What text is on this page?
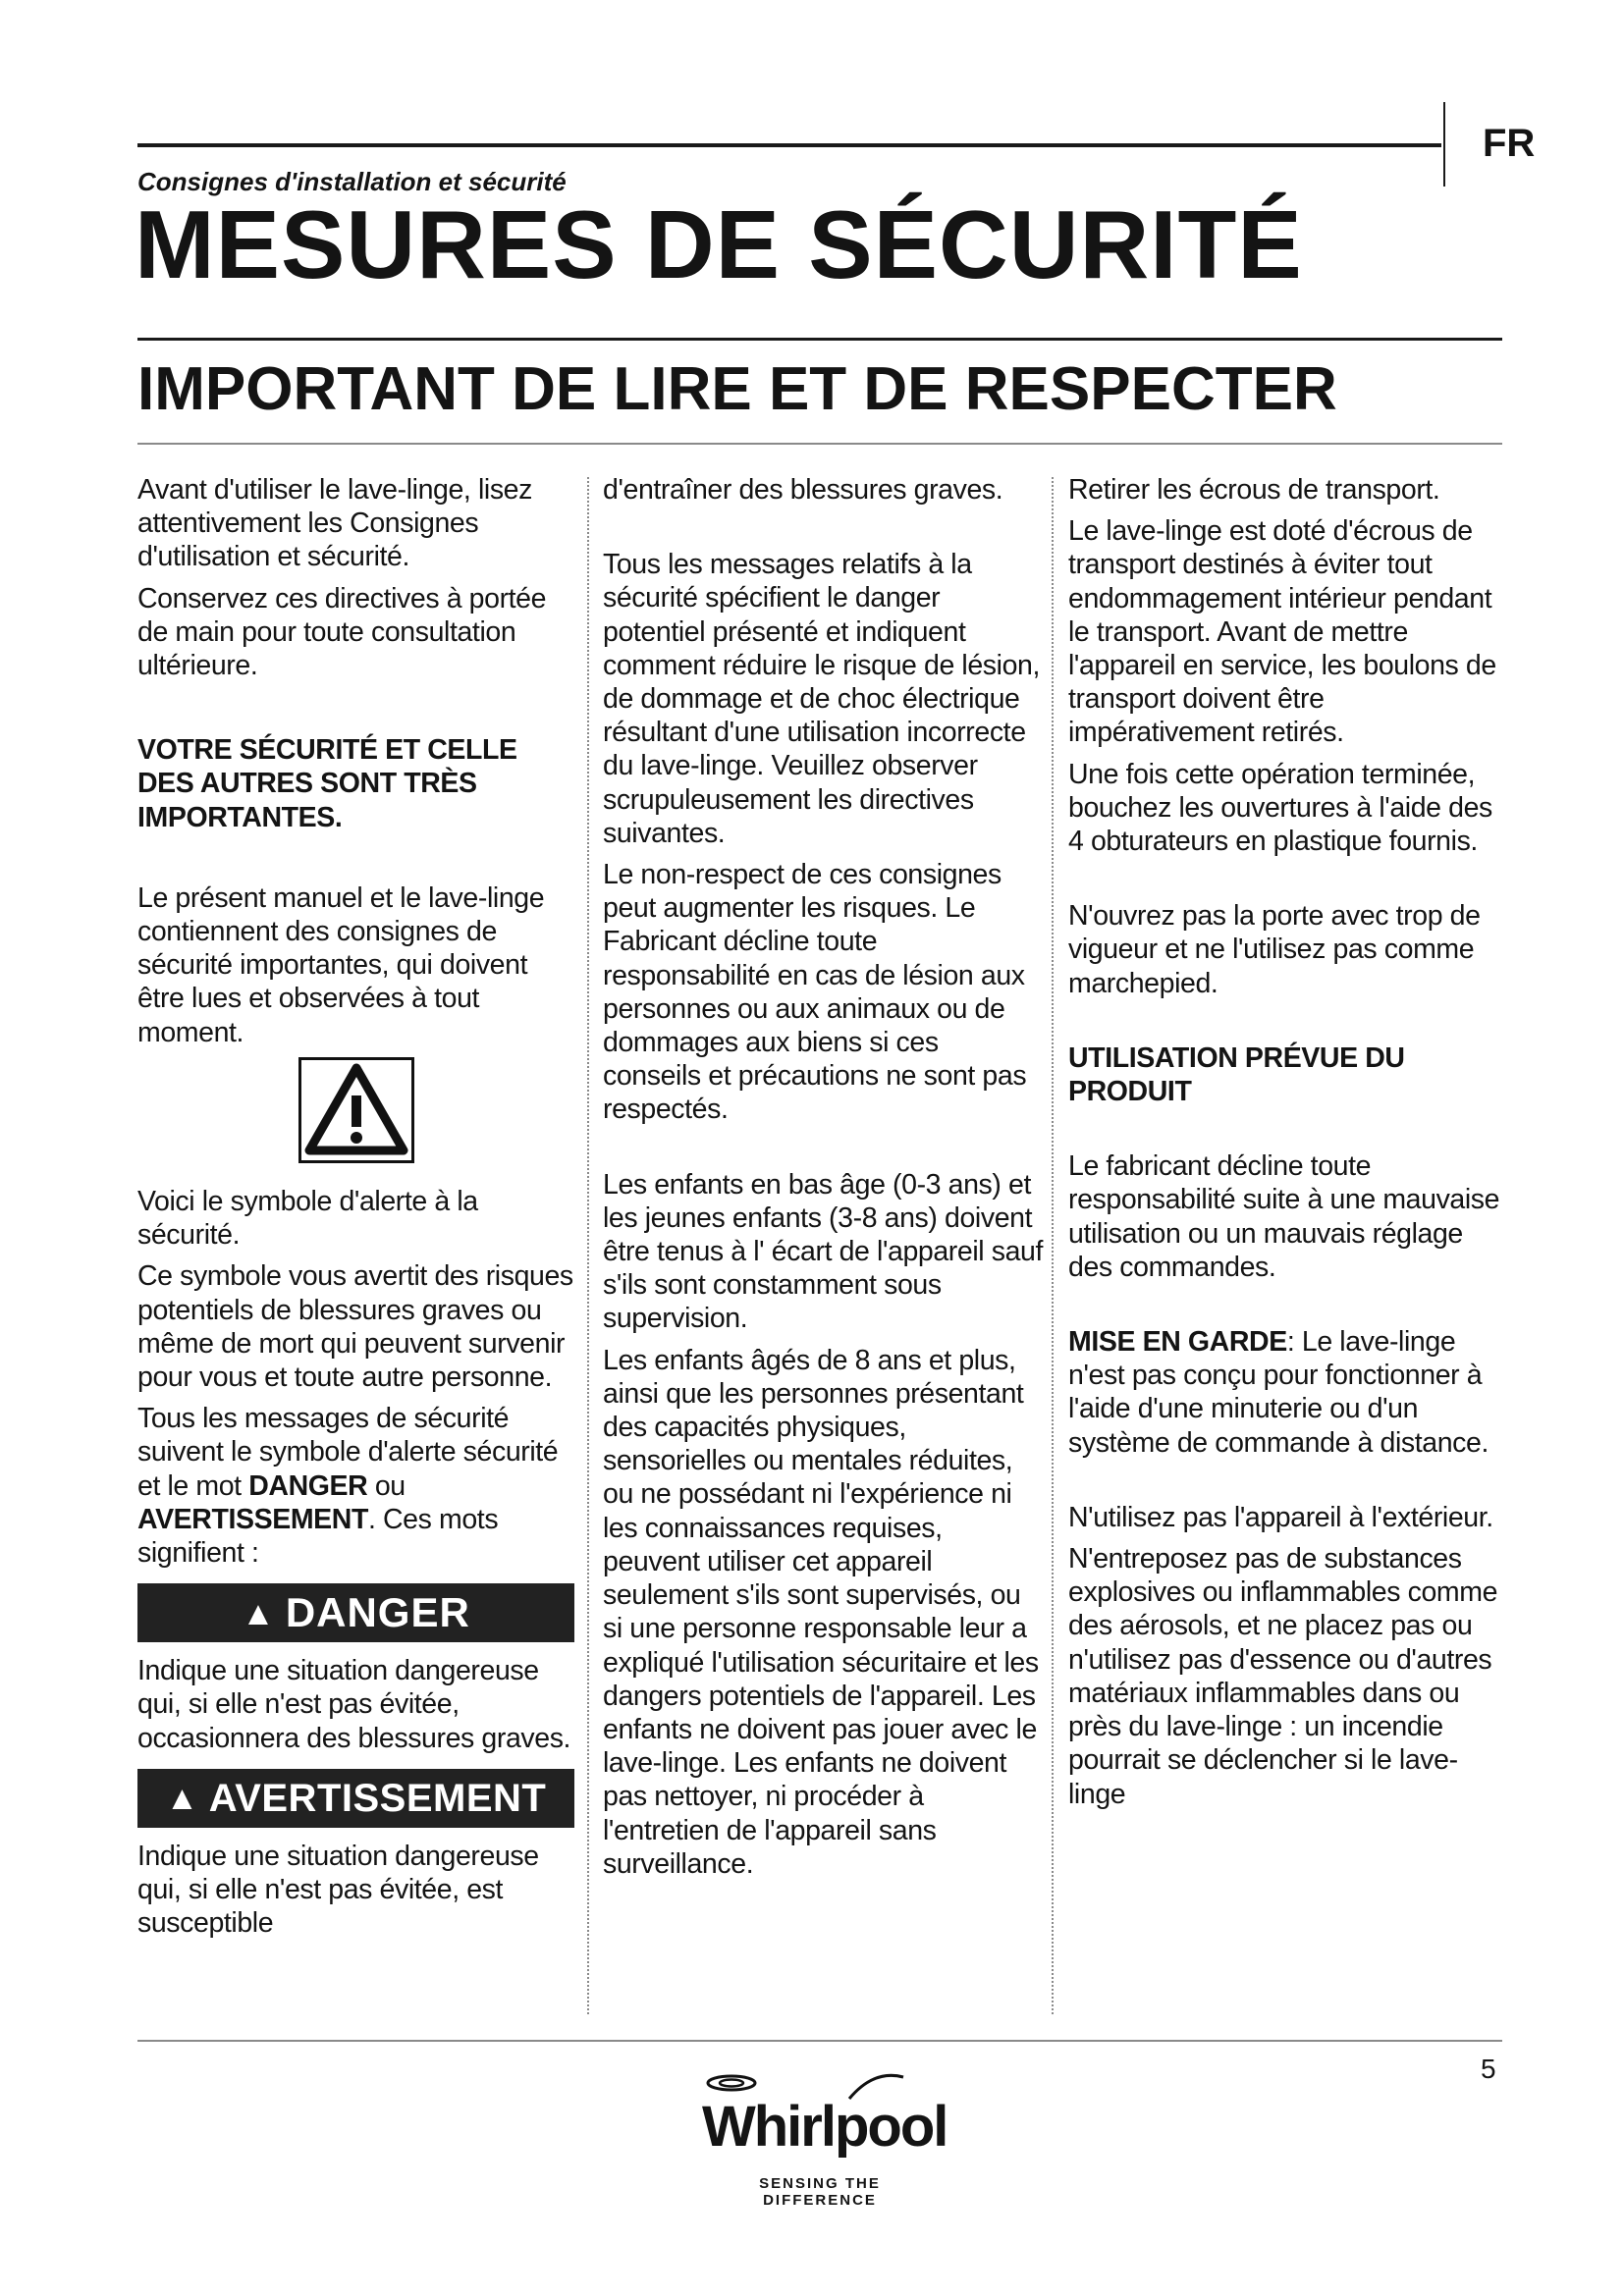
FR
Consignes d'installation et sécurité
MESURES DE SÉCURITÉ
IMPORTANT DE LIRE ET DE RESPECTER

Avant d'utiliser le lave-linge, lisez attentivement les Consignes d'utilisation et sécurité.

Conservez ces directives à portée de main pour toute consultation ultérieure.

VOTRE SÉCURITÉ ET CELLE DES AUTRES SONT TRÈS IMPORTANTES.

Le présent manuel et le lave-linge contiennent des consignes de sécurité importantes, qui doivent être lues et observées à tout moment.

Voici le symbole d'alerte à la sécurité.

Ce symbole vous avertit des risques potentiels de blessures graves ou même de mort qui peuvent survenir pour vous et toute autre personne.

Tous les messages de sécurité suivent le symbole d'alerte sécurité et le mot DANGER ou AVERTISSEMENT. Ces mots signifient :

▲ DANGER

Indique une situation dangereuse qui, si elle n'est pas évitée, occasionnera des blessures graves.

▲ AVERTISSEMENT

Indique une situation dangereuse qui, si elle n'est pas évitée, est susceptible

d'entraîner des blessures graves.

Tous les messages relatifs à la sécurité spécifient le danger potentiel présenté et indiquent comment réduire le risque de lésion, de dommage et de choc électrique résultant d'une utilisation incorrecte du lave-linge. Veuillez observer scrupuleusement les directives suivantes.

Le non-respect de ces consignes peut augmenter les risques. Le Fabricant décline toute responsabilité en cas de lésion aux personnes ou aux animaux ou de dommages aux biens si ces conseils et précautions ne sont pas respectés.

Les enfants en bas âge (0-3 ans) et les jeunes enfants (3-8 ans) doivent être tenus à l' écart de l'appareil sauf s'ils sont constamment sous supervision.

Les enfants âgés de 8 ans et plus, ainsi que les personnes présentant des capacités physiques, sensorielles ou mentales réduites, ou ne possédant ni l'expérience ni les connaissances requises, peuvent utiliser cet appareil seulement s'ils sont supervisés, ou si une personne responsable leur a expliqué l'utilisation sécuritaire et les dangers potentiels de l'appareil. Les enfants ne doivent pas jouer avec le lave-linge. Les enfants ne doivent pas nettoyer, ni procéder à l'entretien de l'appareil sans surveillance.

Retirer les écrous de transport.

Le lave-linge est doté d'écrous de transport destinés à éviter tout endommagement intérieur pendant le transport. Avant de mettre l'appareil en service, les boulons de transport doivent être impérativement retirés.

Une fois cette opération terminée, bouchez les ouvertures à l'aide des 4 obturateurs en plastique fournis.

N'ouvrez pas la porte avec trop de vigueur et ne l'utilisez pas comme marchepied.

UTILISATION PRÉVUE DU PRODUIT

Le fabricant décline toute responsabilité suite à une mauvaise utilisation ou un mauvais réglage des commandes.

MISE EN GARDE: Le lave-linge n'est pas conçu pour fonctionner à l'aide d'une minuterie ou d'un système de commande à distance.

N'utilisez pas l'appareil à l'extérieur.

N'entreposez pas de substances explosives ou inflammables comme des aérosols, et ne placez pas ou n'utilisez pas d'essence ou d'autres matériaux inflammables dans ou près du lave-linge : un incendie pourrait se déclencher si le lave-linge

5
Whirlpool
SENSING THE DIFFERENCE
